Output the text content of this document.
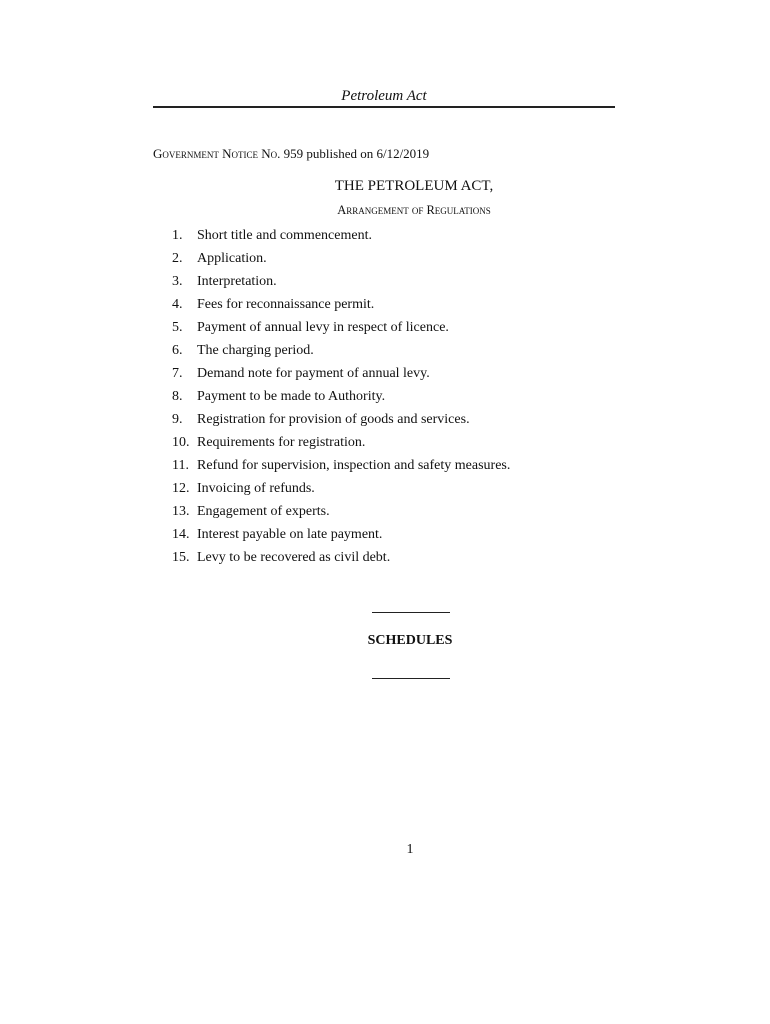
Petroleum Act
Government Notice No. 959 published on 6/12/2019
THE PETROLEUM ACT,
Arrangement of Regulations
1. Short title and commencement.
2. Application.
3. Interpretation.
4. Fees for reconnaissance permit.
5. Payment of annual levy in respect of licence.
6. The charging period.
7. Demand note for payment of annual levy.
8. Payment to be made to Authority.
9. Registration for provision of goods and services.
10. Requirements for registration.
11. Refund for supervision, inspection and safety measures.
12. Invoicing of refunds.
13. Engagement of experts.
14. Interest payable on late payment.
15. Levy to be recovered as civil debt.
SCHEDULES
1
